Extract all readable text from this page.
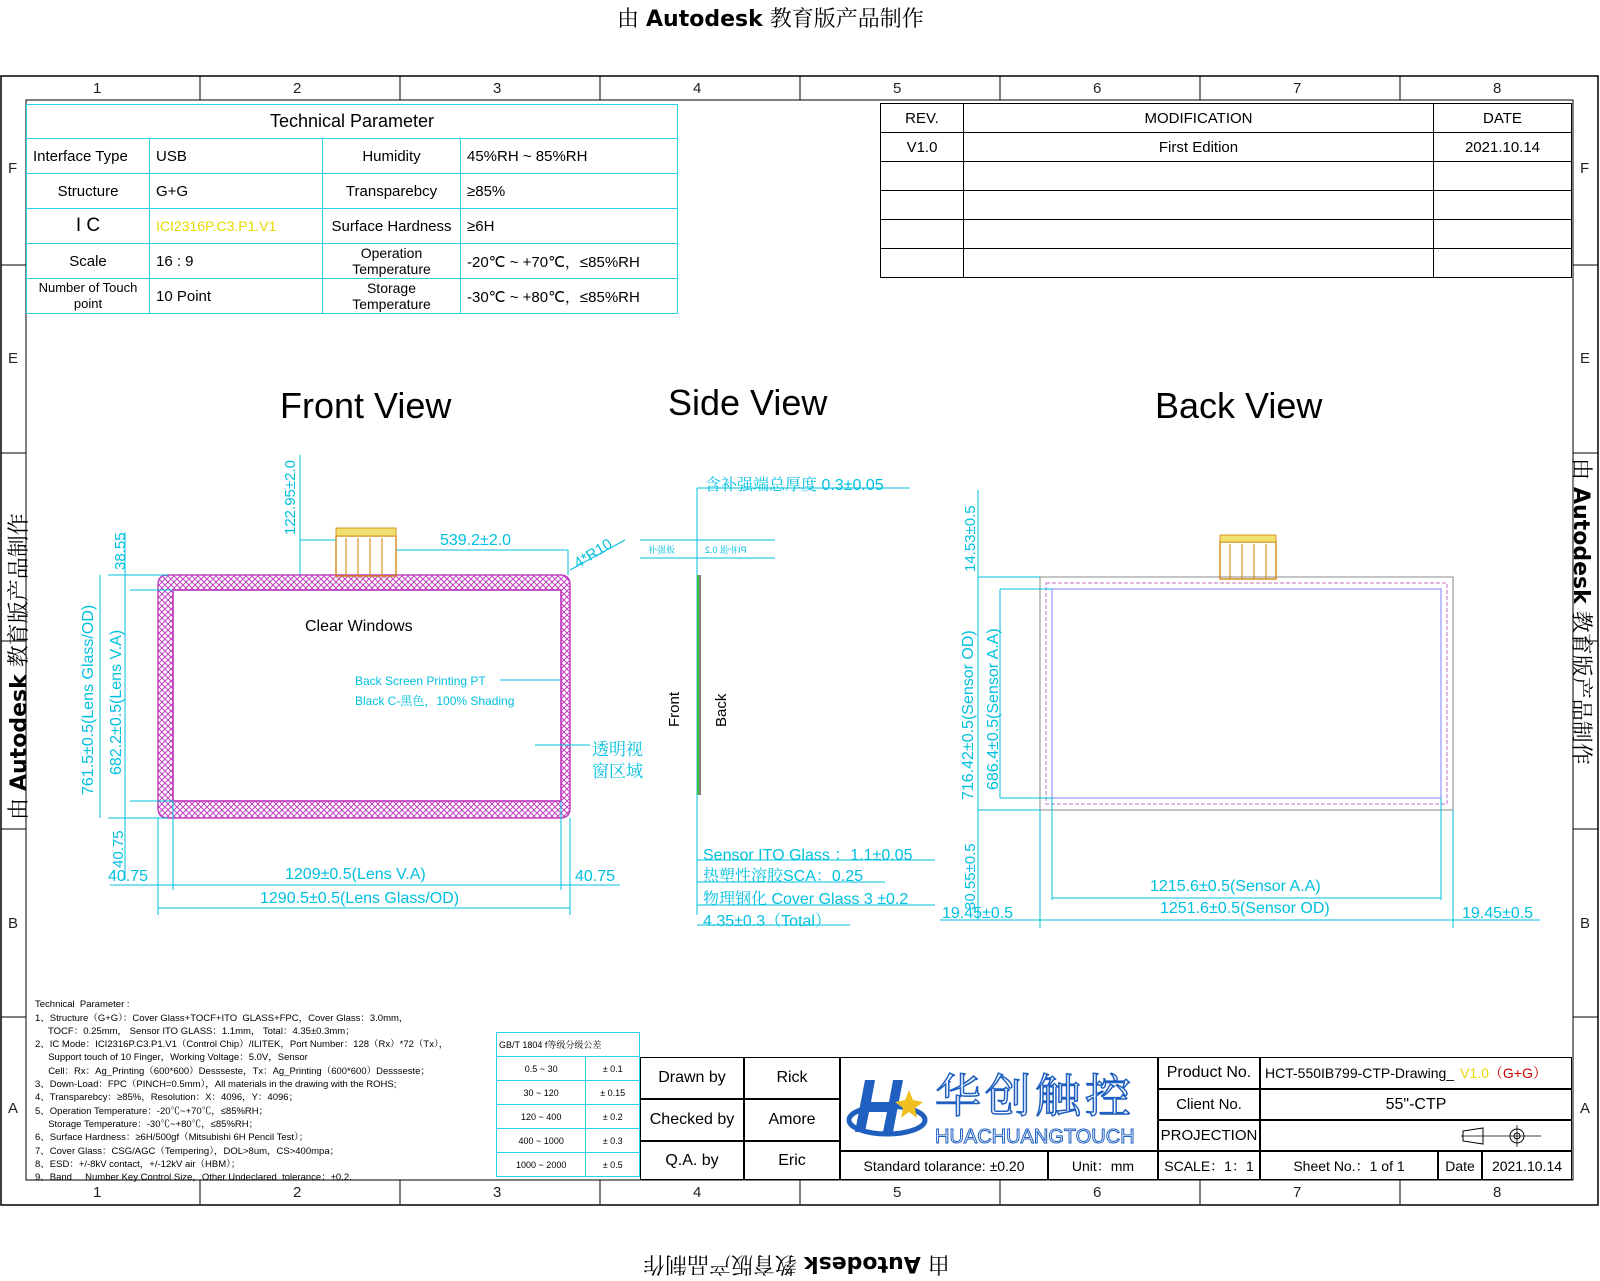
由 Autodesk 教育版产品制作
由 Autodesk 教育版产品制作
由 Autodesk 教育版产品制作
由 Autodesk 教育版产品制作
1	2	3	4	5	6	7	8
1	2	3	4	5	6	7	8
F
E
B
A
F
E
B
A
Technical Parameter			
Interface Type	USB	Humidity	45%RH ~ 85%RH
Structure	G+G	Transparebcy	≥85%
I C	ICI2316P.C3.P1.V1	Surface Hardness	≥6H
Scale	16 : 9	Operation Temperature	-20℃ ~ +70℃，≤85%RH
Number of Touch point	10 Point	Storage Temperature	-30℃ ~ +80℃，≤85%RH
REV.	MODIFICATION	DATE
V1.0	First Edition	2021.10.14

Front View	Side View	Back View
Clear Windows
Back Screen Printing PT
Black C-黑色，100% Shading
透明视
窗区域
122.95±2.0
38.55	539.2±2.0	4*R10
761.5±0.5(Lens Glass/OD) 682.2±0.5(Lens V.A)
40.75
40.75	40.75
1209±0.5(Lens V.A)
1290.5±0.5(Lens Glass/OD)
含补强端总厚度 0.3±0.05
补强板	PI补强 0.2
Front Back
Sensor ITO Glass ：1.1±0.05
热塑性溶胶SCA：0.25
物理钢化 Cover Glass 3 ±0.2
4.35±0.3（Total）
14.53±0.5
716.42±0.5(Sensor OD) 686.4±0.5(Sensor A.A)
30.55±0.5
19.45±0.5	19.45±0.5
1215.6±0.5(Sensor A.A)
1251.6±0.5(Sensor OD)

Technical  Parameter :
1、Structure（G+G）：Cover Glass+TOCF+ITO  GLASS+FPC，Cover Glass：3.0mm，
TOCF：0.25mm， Sensor ITO GLASS：1.1mm， Total：4.35±0.3mm；
2、IC Mode：ICI2316P.C3.P1.V1（Control Chip）/ILITEK，Port Number：128（Rx）*72（Tx），
Support touch of 10 Finger，Working Voltage：5.0V，Sensor
Cell：Rx：Ag_Printing（600*600）Dessseste，Tx：Ag_Printing（600*600）Dessseste；
3、Down-Load：FPC（PINCH=0.5mm），All materials in the drawing with the ROHS;
4、Transparebcy：≥85%，Resolution：X：4096，Y：4096；
5、Operation Temperature：-20℃~+70℃，≤85%RH；
Storage Temperature：-30℃~+80℃，≤85%RH；
6、Surface Hardness：≥6H/500gf（Mitsubishi 6H Pencil Test）；
7、Cover Glass：CSG/AGC（Tempering），DOL>8um，CS>400mpa；
8、ESD：+/-8kV contact，+/-12kV air（HBM）；
9、Band     Number Key Control Size，Other Undeclared  tolerance：±0.2.

GB/T 1804 f等级分级公差	
0.5 ~ 30	± 0.1
30 ~ 120	± 0.15
120 ~ 400	± 0.2
400 ~ 1000	± 0.3
1000 ~ 2000	± 0.5
Drawn by	Rick
Checked by	Amore
Q.A. by	Eric
华创触控
HUACHUANGTOUCH
Product No. HCT-550IB799-CTP-Drawing_ V1.0 （G+G）
Client No.	55"-CTP
PROJECTION
Standard tolarance: ±0.20	Unit：mm	SCALE：1：1	Sheet No.：1 of 1	Date	2021.10.14
